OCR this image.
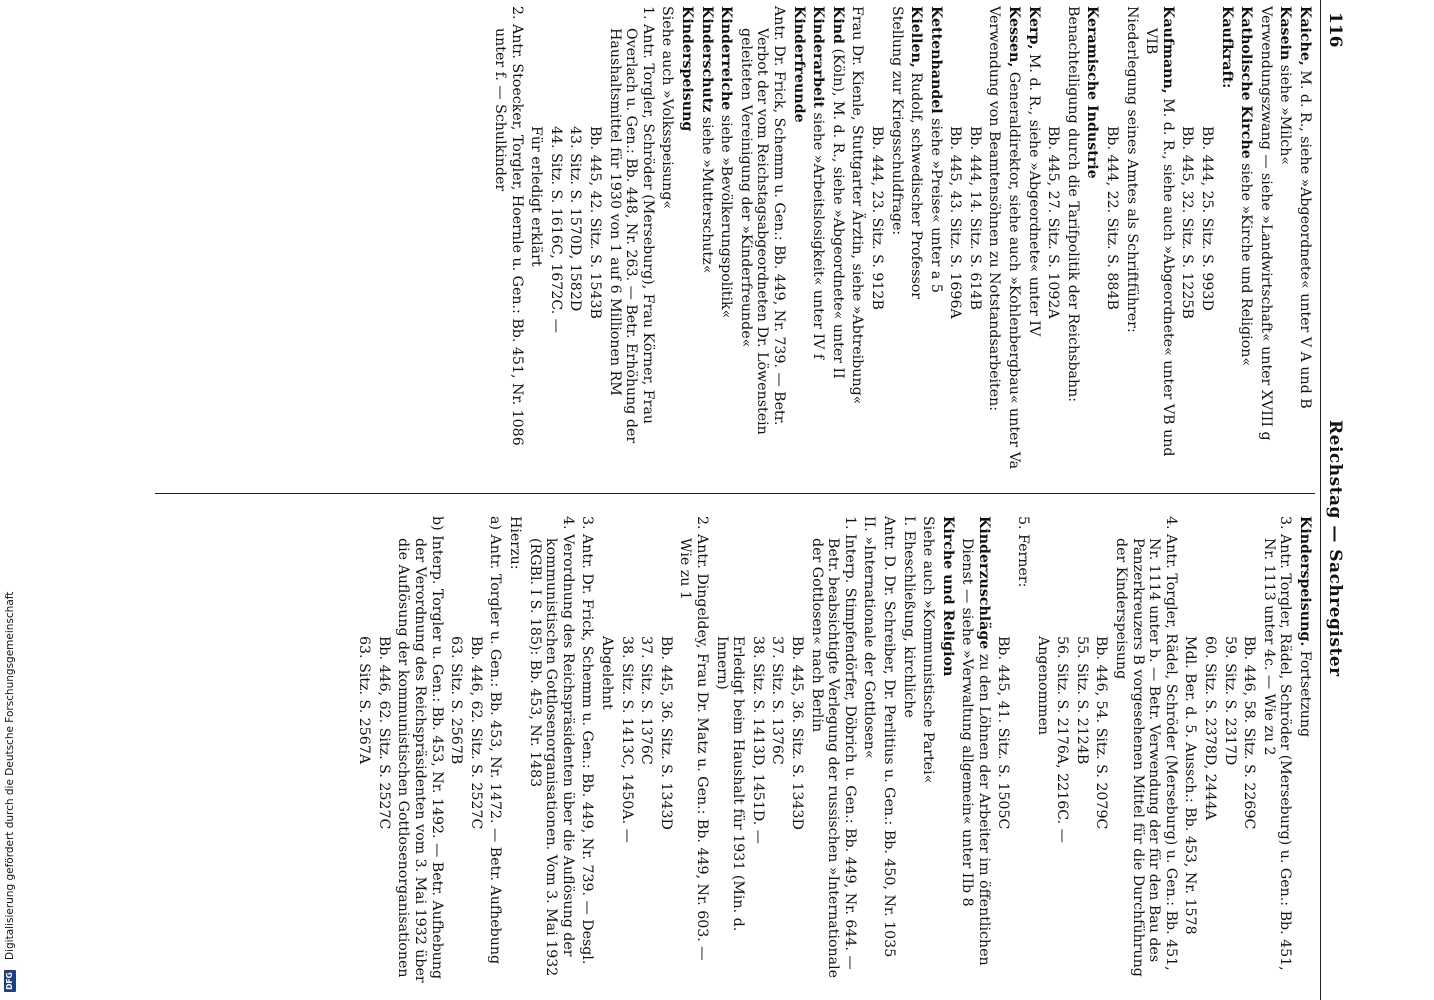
116
Reichstag — Sachregister
Kaiche, M. d. R., siehe »Abgeordnete« unter V A und B
Kasein siehe »Milch«
Verwendungszwang — siehe »Landwirtschaft« unter XVIII g
Katholische Kirche siehe »Kirche und Religion«
Kaufkraft:
Bb. 444, 25. Sitz. S. 993D
Bb. 445, 32. Sitz. S. 1225B
Kaufmann, M. d. R., siehe auch »Abgeordnete« unter VB und VIB
Niederlegung seines Amtes als Schriftführer:
Bb. 444, 22. Sitz. S. 884B
Keramische Industrie
Benachteiligung durch die Tarifpolitik der Reichsbahn:
Bb. 445, 27. Sitz. S. 1092A
Kerp, M. d. R., siehe »Abgeordnete« unter IV
Kessen, Generaldirektor, siehe auch »Kohlenbergbau« unter Va
Verwendung von Beamtensöhnen zu Notstandsarbeiten:
Bb. 444, 14. Sitz. S. 614B
Bb. 445, 43. Sitz. S. 1696A
Kettenhandel siehe »Preise« unter a 5
Kiellen, Rudolf, schwedischer Professor
Stellung zur Kriegsschuldfrage:
Bb. 444, 23. Sitz. S. 912B
Frau Dr. Kienle, Stuttgarter Ärztin, siehe »Abtreibung«
Kind (Köln), M. d. R., siehe »Abgeordnete« unter II
Kinderarbeit siehe »Arbeitslosigkeit« unter IV f
Kinderfreunde
Antr. Dr. Frick, Schemm u. Gen.: Bb. 449, Nr. 739. — Betr. Verbot der vom Reichstagsabgeordneten Dr. Löwenstein geleiteten Vereinigung der »Kinderfreunde«
Kinderreiche siehe »Bevölkerungspolitik«
Kinderschutz siehe »Mutterschutz«
Kinderspeisung
Siehe auch »Volksspeisung«
1. Antr. Torgler, Schröder (Merseburg), Frau Körner, Frau Overlach u. Gen.: Bb. 448, Nr. 263. — Betr. Erhöhung der Haushaltsmittel für 1930 von 1 auf 6 Millionen RM
Bb. 445, 42. Sitz. S. 1543B
43. Sitz. S. 1570D, 1582D
44. Sitz. S. 1616C, 1672C. —
Für erledigt erklärt
2. Antr. Stoecker, Torgler, Hoernle u. Gen.: Bb. 451, Nr. 1086 unter f. — Schulkinder
Kinderspeisung. Fortsetzung
3. Antr. Torgler, Rädel, Schröder (Merseburg) u. Gen.: Bb. 451, Nr. 1113 unter 4c. — Wie zu 2
Bb. 446, 58. Sitz. S. 2269C
59. Sitz. S. 2317D
60. Sitz. S. 2378D, 2444A
Mdl. Ber. d. 5. Aussch.: Bb. 453, Nr. 1578
4. Antr. Torgler, Rädel, Schröder (Merseburg) u. Gen.: Bb. 451, Nr. 1114 unter b. — Betr. Verwendung der für den Bau des Panzerkreuzers B vorgesehenen Mittel für die Durchführung der Kinderspeisung
Bb. 446, 54. Sitz. S. 2079C
55. Sitz. S. 2124B
56. Sitz. S. 2176A, 2216C. —
Angenommen
5. Ferner:
Bb. 445, 41. Sitz. S. 1505C
Kinderzuschläge zu den Löhnen der Arbeiter im öffentlichen Dienst — siehe »Verwaltung allgemein« unter IIb 8
Kirche und Religion
Siehe auch »Kommunistische Partei«
I. Eheschließung, kirchliche
Antr. D. Dr. Schreiber, Dr. Perlitius u. Gen.: Bb. 450, Nr. 1035
II. »Internationale der Gottlosen«
1. Interp. Stimpfendörfer, Döbrich u. Gen.: Bb. 449, Nr. 644. — Betr. beabsichtigte Verlegung der russischen »Internationale der Gottlosen« nach Berlin
Bb. 445, 36. Sitz. S. 1343D
37. Sitz. S. 1376C
38. Sitz. S. 1413D, 1451D. —
Erledigt beim Haushalt für 1931 (Min. d. Innern)
2. Antr. Dingeldey, Frau Dr. Matz u. Gen.: Bb. 449, Nr. 603. — Wie zu 1
Bb. 445, 36. Sitz. S. 1343D
37. Sitz. S. 1376C
38. Sitz. S. 1413C, 1450A. —
Abgelehnt
3. Antr. Dr. Frick, Schemm u. Gen.: Bb. 449, Nr. 739. — Desgl.
4. Verordnung des Reichspräsidenten über die Auflösung der kommunistischen Gottlosenorganisationen. Vom 3. Mai 1932 (RGBl. I S. 185): Bb. 453, Nr. 1483
Hierzu:
a) Antr. Torgler u. Gen.: Bb. 453, Nr. 1472. — Betr. Aufhebung
Bb. 446, 62. Sitz. S. 2527C
63. Sitz. S. 2567B
b) Interp. Torgler u. Gen.: Bb. 453, Nr. 1492. — Betr. Aufhebung der Verordnung des Reichspräsidenten vom 3. Mai 1932 über die Auflösung der kommunistischen Gottlosenorganisationen
Bb. 446, 62. Sitz. S. 2527C
63. Sitz. S. 2567A
DFG
Digitalisierung gefördert durch die Deutsche Forschungsgemeinschaft
